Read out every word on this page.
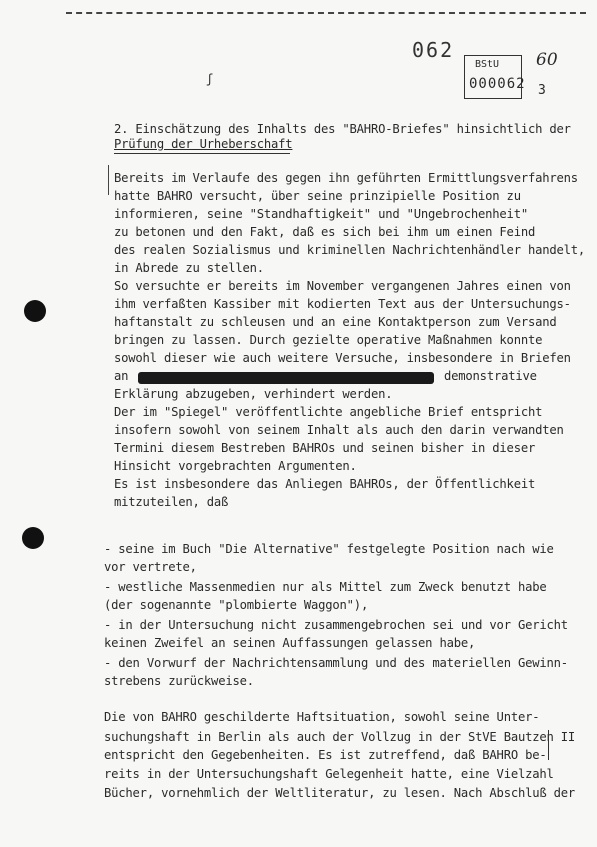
062
BStU
000062
60
3
ʃ
2. Einschätzung des Inhalts des "BAHRO-Briefes" hinsichtlich der
Prüfung der Urheberschaft
Bereits im Verlaufe des gegen ihn geführten Ermittlungsverfahrens
hatte BAHRO versucht, über seine prinzipielle Position zu
informieren, seine "Standhaftigkeit" und "Ungebrochenheit"
zu betonen und den Fakt, daß es sich bei ihm um einen Feind
des realen Sozialismus und kriminellen Nachrichtenhändler handelt,
in Abrede zu stellen.
So versuchte er bereits im November vergangenen Jahres einen von
ihm verfaßten Kassiber mit kodierten Text aus der Untersuchungs-
haftanstalt zu schleusen und an eine Kontaktperson zum Versand
bringen zu lassen. Durch gezielte operative Maßnahmen konnte
sowohl dieser wie auch weitere Versuche, insbesondere in Briefen
an	demonstrative
Erklärung abzugeben, verhindert werden.
Der im "Spiegel" veröffentlichte angebliche Brief entspricht
insofern sowohl von seinem Inhalt als auch den darin verwandten
Termini diesem Bestreben BAHROs und seinen bisher in dieser
Hinsicht vorgebrachten Argumenten.
Es ist insbesondere das Anliegen BAHROs, der Öffentlichkeit
mitzuteilen, daß
- seine im Buch "Die Alternative" festgelegte Position nach wie
vor vertrete,
- westliche Massenmedien nur als Mittel zum Zweck benutzt habe
(der sogenannte "plombierte Waggon"),
- in der Untersuchung nicht zusammengebrochen sei und vor Gericht
keinen Zweifel an seinen Auffassungen gelassen habe,
- den Vorwurf der Nachrichtensammlung und des materiellen Gewinn-
strebens zurückweise.
Die von BAHRO geschilderte Haftsituation, sowohl seine Unter-
suchungshaft in Berlin als auch der Vollzug in der StVE Bautzen II
entspricht den Gegebenheiten. Es ist zutreffend, daß BAHRO be-
reits in der Untersuchungshaft Gelegenheit hatte, eine Vielzahl
Bücher, vornehmlich der Weltliteratur, zu lesen. Nach Abschluß der
